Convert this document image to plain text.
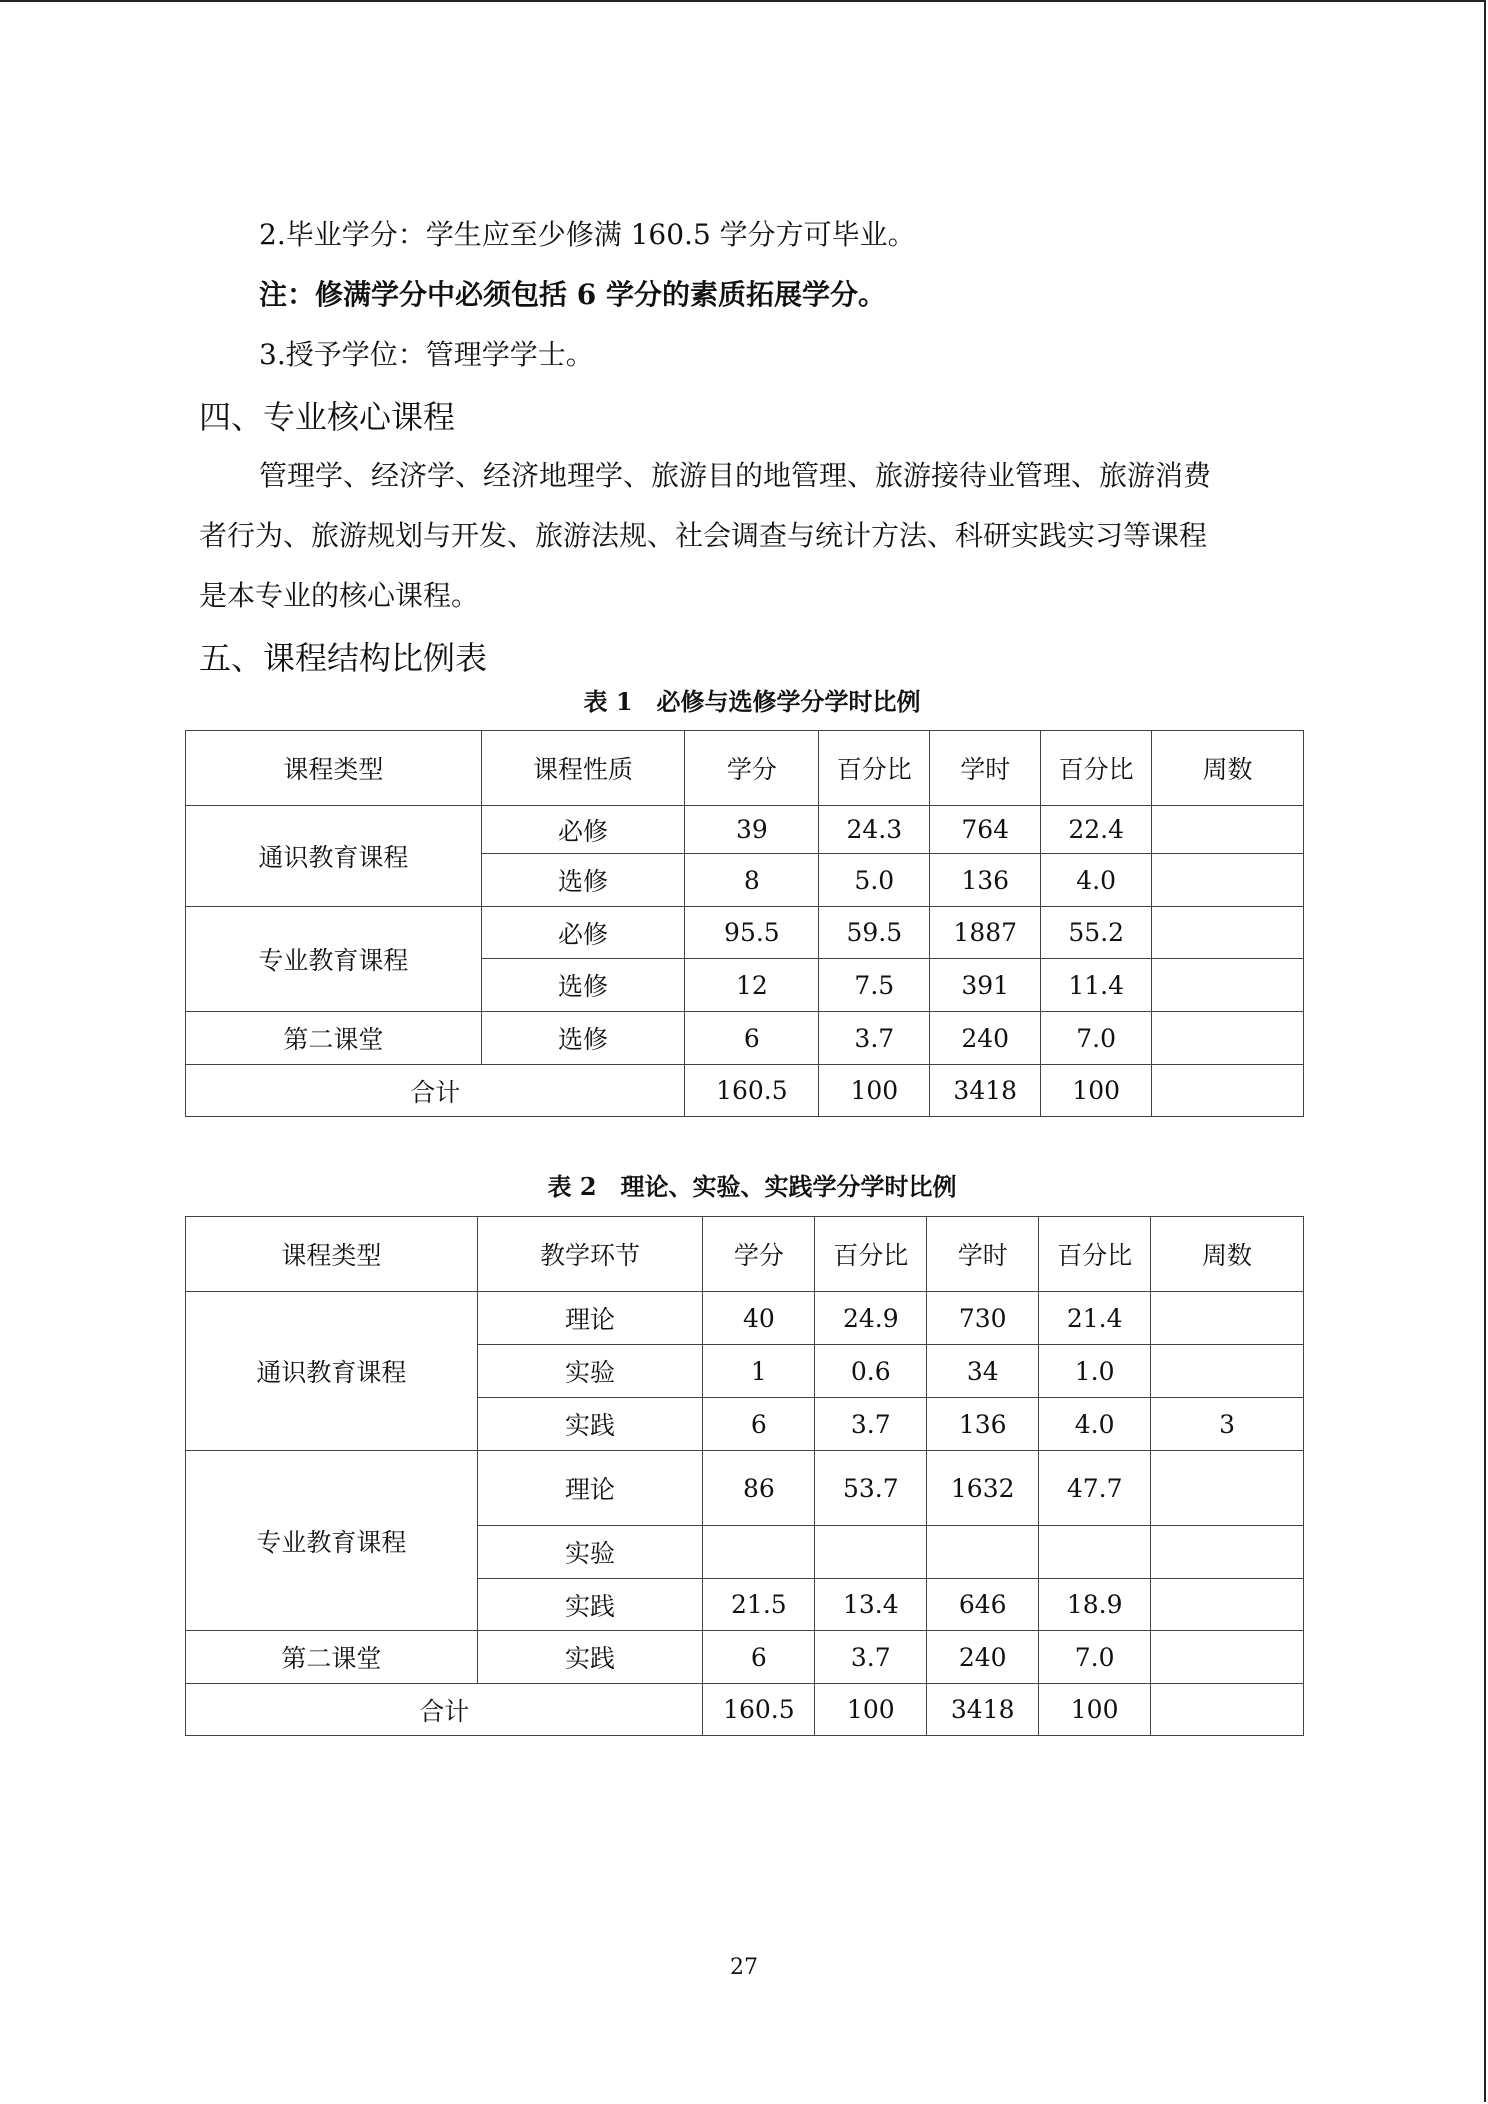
2.毕业学分：学生应至少修满 160.5 学分方可毕业。
注：修满学分中必须包括 6 学分的素质拓展学分。
3.授予学位：管理学学士。
四、专业核心课程
管理学、经济学、经济地理学、旅游目的地管理、旅游接待业管理、旅游消费
者行为、旅游规划与开发、旅游法规、社会调查与统计方法、科研实践实习等课程
是本专业的核心课程。
五、课程结构比例表
表 1　必修与选修学分学时比例
课程类型	课程性质	学分	百分比	学时	百分比	周数
通识教育课程	必修	39	24.3	764	22.4	
	选修	8	5.0	136	4.0	
专业教育课程	必修	95.5	59.5	1887	55.2	
	选修	12	7.5	391	11.4	
第二课堂	选修	6	3.7	240	7.0	
合计		160.5	100	3418	100	
表 2　理论、实验、实践学分学时比例
课程类型	教学环节	学分	百分比	学时	百分比	周数
通识教育课程	理论	40	24.9	730	21.4	
	实验	1	0.6	34	1.0	
	实践	6	3.7	136	4.0	3
专业教育课程	理论	86	53.7	1632	47.7	
	实验					
	实践	21.5	13.4	646	18.9	
第二课堂	实践	6	3.7	240	7.0	
合计		160.5	100	3418	100	
27
